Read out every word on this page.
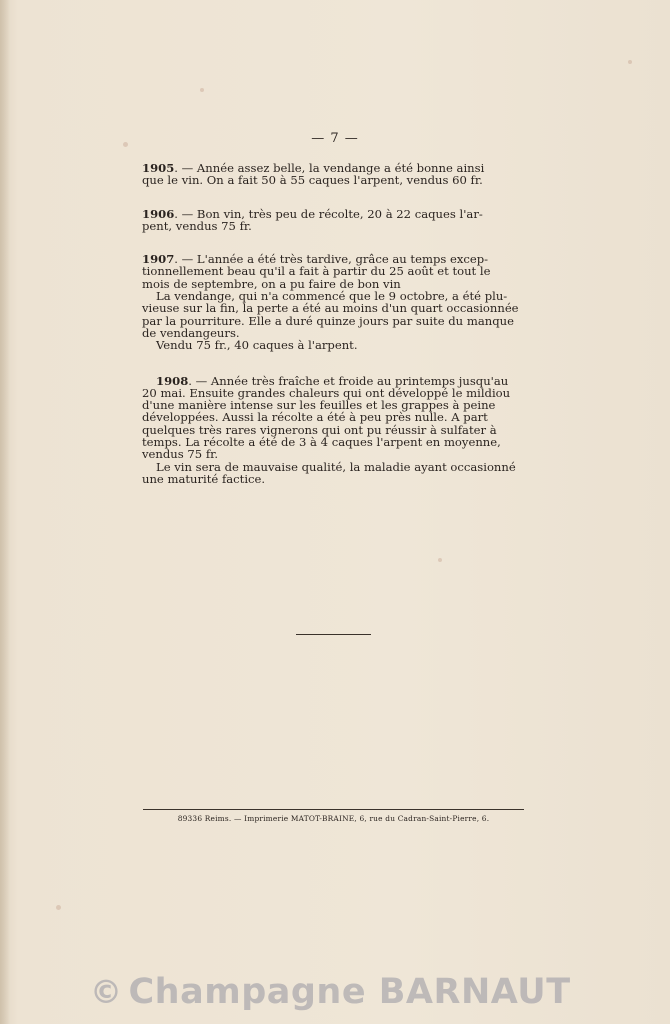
— 7 —
1905. — Année assez belle, la vendange a été bonne ainsi
que le vin. On a fait 50 à 55 caques l'arpent, vendus 60 fr.
1906. — Bon vin, très peu de récolte, 20 à 22 caques l'ar-
pent, vendus 75 fr.
1907. — L'année a été très tardive, grâce au temps excep-
tionnellement beau qu'il a fait à partir du 25 août et tout le
mois de septembre, on a pu faire de bon vin
La vendange, qui n'a commencé que le 9 octobre, a été plu-
vieuse sur la fin, la perte a été au moins d'un quart occasionnée
par la pourriture. Elle a duré quinze jours par suite du manque
de vendangeurs.
Vendu 75 fr., 40 caques à l'arpent.
1908. — Année très fraîche et froide au printemps jusqu'au
20 mai. Ensuite grandes chaleurs qui ont développé le mildiou
d'une manière intense sur les feuilles et les grappes à peine
développées. Aussi la récolte a été à peu près nulle. A part
quelques très rares vignerons qui ont pu réussir à sulfater à
temps. La récolte a été de 3 à 4 caques l'arpent en moyenne,
vendus 75 fr.
Le vin sera de mauvaise qualité, la maladie ayant occasionné
une maturité factice.
89336 Reims. — Imprimerie MATOT-BRAINE, 6, rue du Cadran-Saint-Pierre, 6.
© Champagne BARNAUT
